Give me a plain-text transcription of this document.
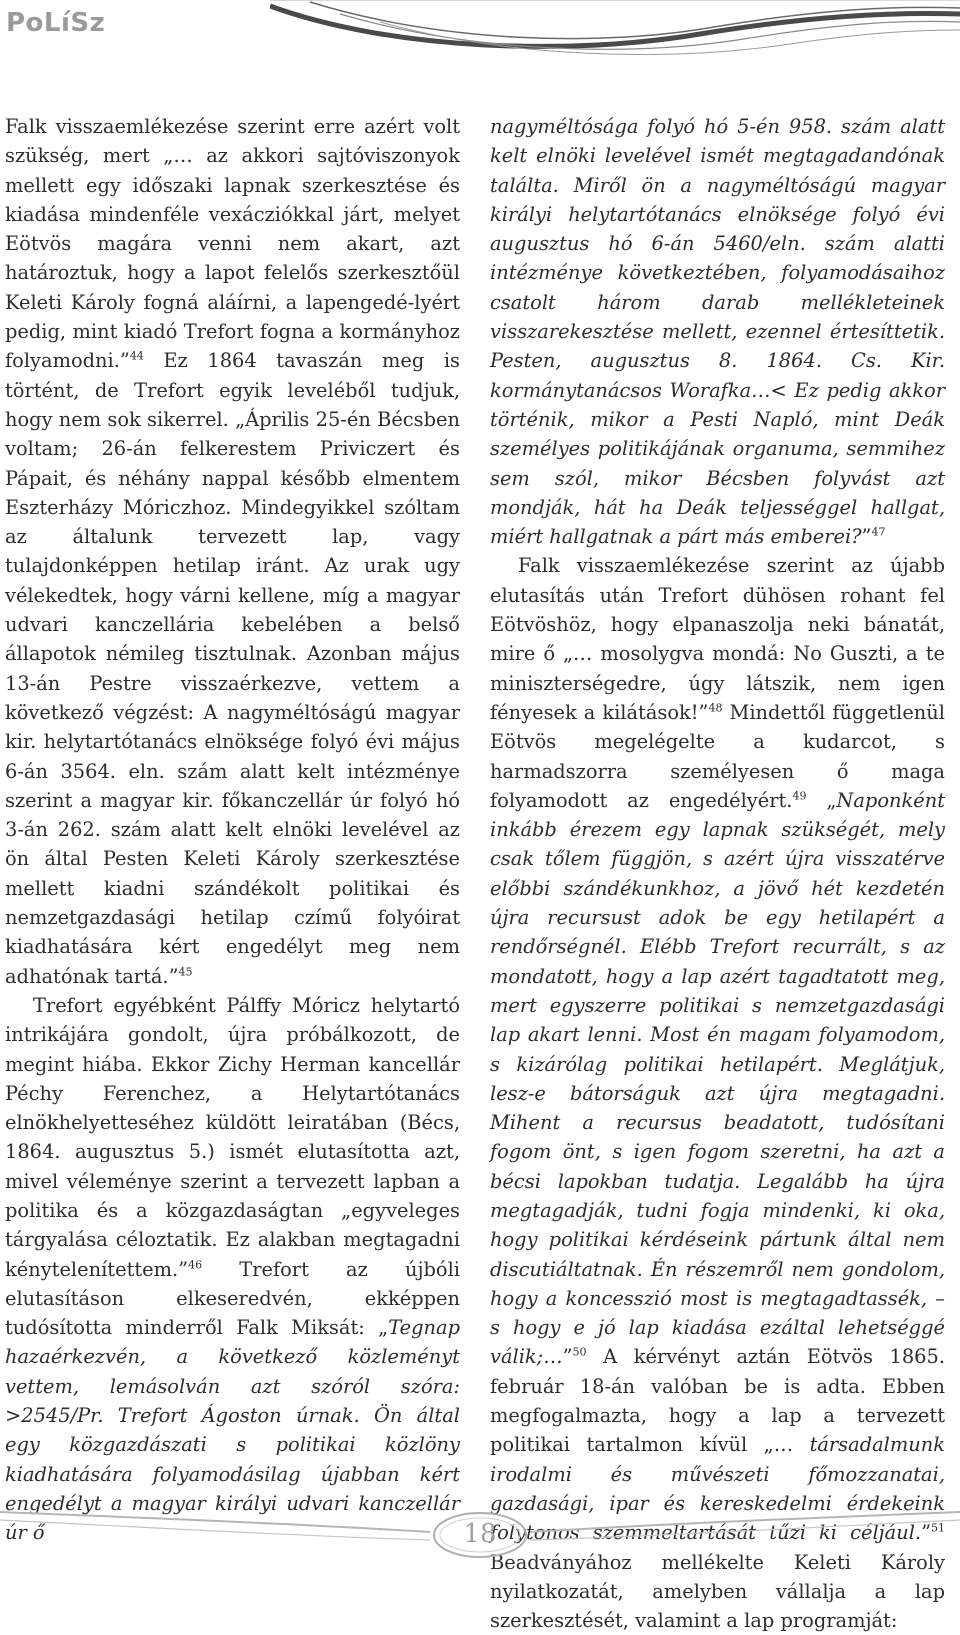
PoLíSz

Falk visszaemlékezése szerint erre azért volt szükség, mert „… az akkori sajtóviszonyok mellett egy időszaki lapnak szerkesztése és kiadása mindenféle vexácziókkal járt, melyet Eötvös magára venni nem akart, azt határoztuk, hogy a lapot felelős szerkesztőül Keleti Károly fogná aláírni, a lapengedé-lyért pedig, mint kiadó Trefort fogna a kormányhoz folyamodni.”$^{44}$ Ez 1864 tavaszán meg is történt, de Trefort egyik leveléből tudjuk, hogy nem sok sikerrel. „Április 25-én Bécsben voltam; 26-án felkerestem Priviczert és Pápait, és néhány nappal később elmentem Eszterházy Móriczhoz. Mindegyikkel szóltam az általunk tervezett lap, vagy tulajdonképpen hetilap iránt. Az urak ugy vélekedtek, hogy várni kellene, míg a magyar udvari kanczellária kebelében a belső állapotok némileg tisztulnak. Azonban május 13-án Pestre visszaérkezve, vettem a következő végzést: A nagyméltóságú magyar kir. helytartótanács elnöksége folyó évi május 6-án 3564. eln. szám alatt kelt intézménye szerint a magyar kir. főkanczellár úr folyó hó 3-án 262. szám alatt kelt elnöki levelével az ön által Pesten Keleti Károly szerkesztése mellett kiadni szándékolt politikai és nemzetgazdasági hetilap czímű folyóirat kiadhatására kért engedélyt meg nem adhatónak tartá.”$^{45}$

Trefort egyébként Pálffy Móricz helytartó intrikájára gondolt, újra próbálkozott, de megint hiába. Ekkor Zichy Herman kancellár Péchy Ferenchez, a Helytartótanács elnökhelyetteséhez küldött leiratában (Bécs, 1864. augusztus 5.) ismét elutasította azt, mivel véleménye szerint a tervezett lapban a politika és a közgazdaságtan „egyveleges tárgyalása céloztatik. Ez alakban megtagadni kénytelenítettem.”$^{46}$ Trefort az újbóli elutasításon elkeseredvén, ekképpen tudósította minderről Falk Miksát: „Tegnap hazaérkezvén, a következő közleményt vettem, lemásolván azt szóról szóra: >2545/Pr. Trefort Ágoston úrnak. Ön által egy közgazdászati s politikai közlöny kiadhatására folyamodásilag újabban kért engedélyt a magyar királyi udvari kanczellár úr ő

nagyméltósága folyó hó 5-én 958. szám alatt kelt elnöki levelével ismét megtagadandónak találta. Miről ön a nagyméltóságú magyar királyi helytartótanács elnöksége folyó évi augusztus hó 6-án 5460/eln. szám alatti intézménye következtében, folyamodásaihoz csatolt három darab mellékleteinek visszarekesztése mellett, ezennel értesíttetik. Pesten, augusztus 8. 1864. Cs. Kir. kormánytanácsos Worafka…< Ez pedig akkor történik, mikor a Pesti Napló, mint Deák személyes politikájának organuma, semmihez sem szól, mikor Bécsben folyvást azt mondják, hát ha Deák teljességgel hallgat, miért hallgatnak a párt más emberei?”$^{47}$

Falk visszaemlékezése szerint az újabb elutasítás után Trefort dühösen rohant fel Eötvöshöz, hogy elpanaszolja neki bánatát, mire ő „… mosolygva mondá: No Guszti, a te miniszterségedre, úgy látszik, nem igen fényesek a kilátások!”$^{48}$ Mindettől függetlenül Eötvös megelégelte a kudarcot, s harmadszorra személyesen ő maga folyamodott az engedélyért.$^{49}$ „Naponként inkább érezem egy lapnak szükségét, mely csak tőlem függjön, s azért újra visszatérve előbbi szándékunkhoz, a jövő hét kezdetén újra recursust adok be egy hetilapért a rendőrségnél. Elébb Trefort recurrált, s az mondatott, hogy a lap azért tagadtatott meg, mert egyszerre politikai s nemzetgazdasági lap akart lenni. Most én magam folyamodom, s kizárólag politikai hetilapért. Meglátjuk, lesz-e bátorságuk azt újra megtagadni. Mihent a recursus beadatott, tudósítani fogom önt, s igen fogom szeretni, ha azt a bécsi lapokban tudatja. Legalább ha újra megtagadják, tudni fogja mindenki, ki oka, hogy politikai kérdéseink pártunk által nem discutiáltatnak. Én részemről nem gondolom, hogy a koncesszió most is megtagadtassék, – s hogy e jó lap kiadása ezáltal lehetséggé válik;…”$^{50}$ A kérvényt aztán Eötvös 1865. február 18-án valóban be is adta. Ebben megfogalmazta, hogy a lap a tervezett politikai tartalmon kívül „… társadalmunk irodalmi és művészeti főmozzanatai, gazdasági, ipar és kereskedelmi érdekeink folytonos szemmeltartását tűzi ki céljául.”$^{51}$ Beadványához mellékelte Keleti Károly nyilatkozatát, amelyben vállalja a lap szerkesztését, valamint a lap programját:

18
